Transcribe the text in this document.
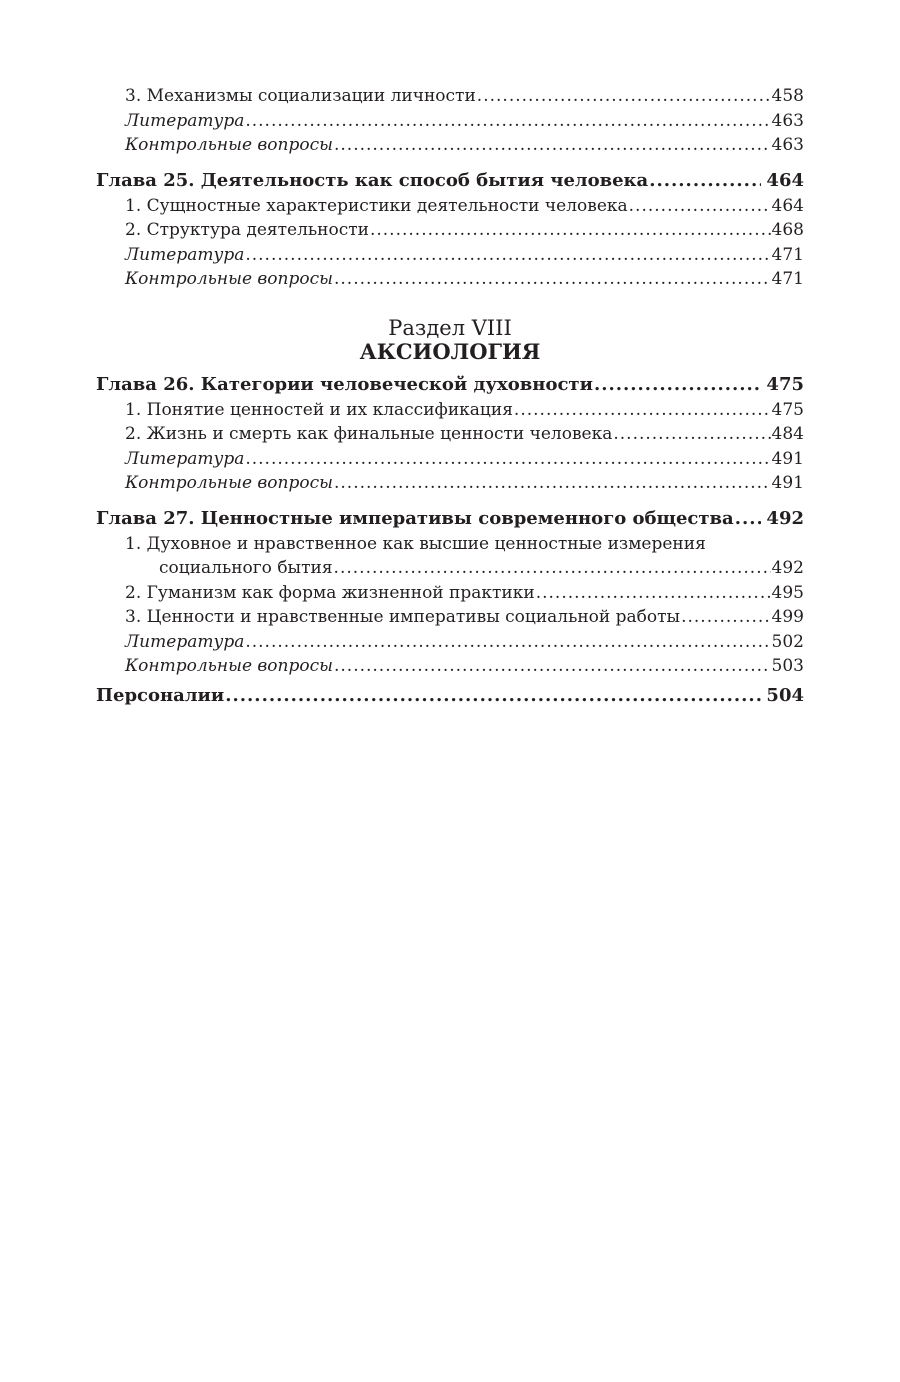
3. Механизмы социализации личности .....	458
Литература .....	463
Контрольные вопросы .....	463
Глава 25. Деятельность как способ бытия человека .....	464
1. Сущностные характеристики деятельности человека .....	464
2. Структура деятельности .....	468
Литература .....	471
Контрольные вопросы .....	471
Раздел VIII
АКСИОЛОГИЯ
Глава 26. Категории человеческой духовности .....	475
1. Понятие ценностей и их классификация .....	475
2. Жизнь и смерть как финальные ценности человека .....	484
Литература .....	491
Контрольные вопросы .....	491
Глава 27. Ценностные императивы современного общества ..... 492
1. Духовное и нравственное как высшие ценностные измерения
социального бытия .....	492
2. Гуманизм как форма жизненной практики .....	495
3. Ценности и нравственные императивы социальной работы .....	499
Литература .....	502
Контрольные вопросы .....	503
Персоналии .....	504
